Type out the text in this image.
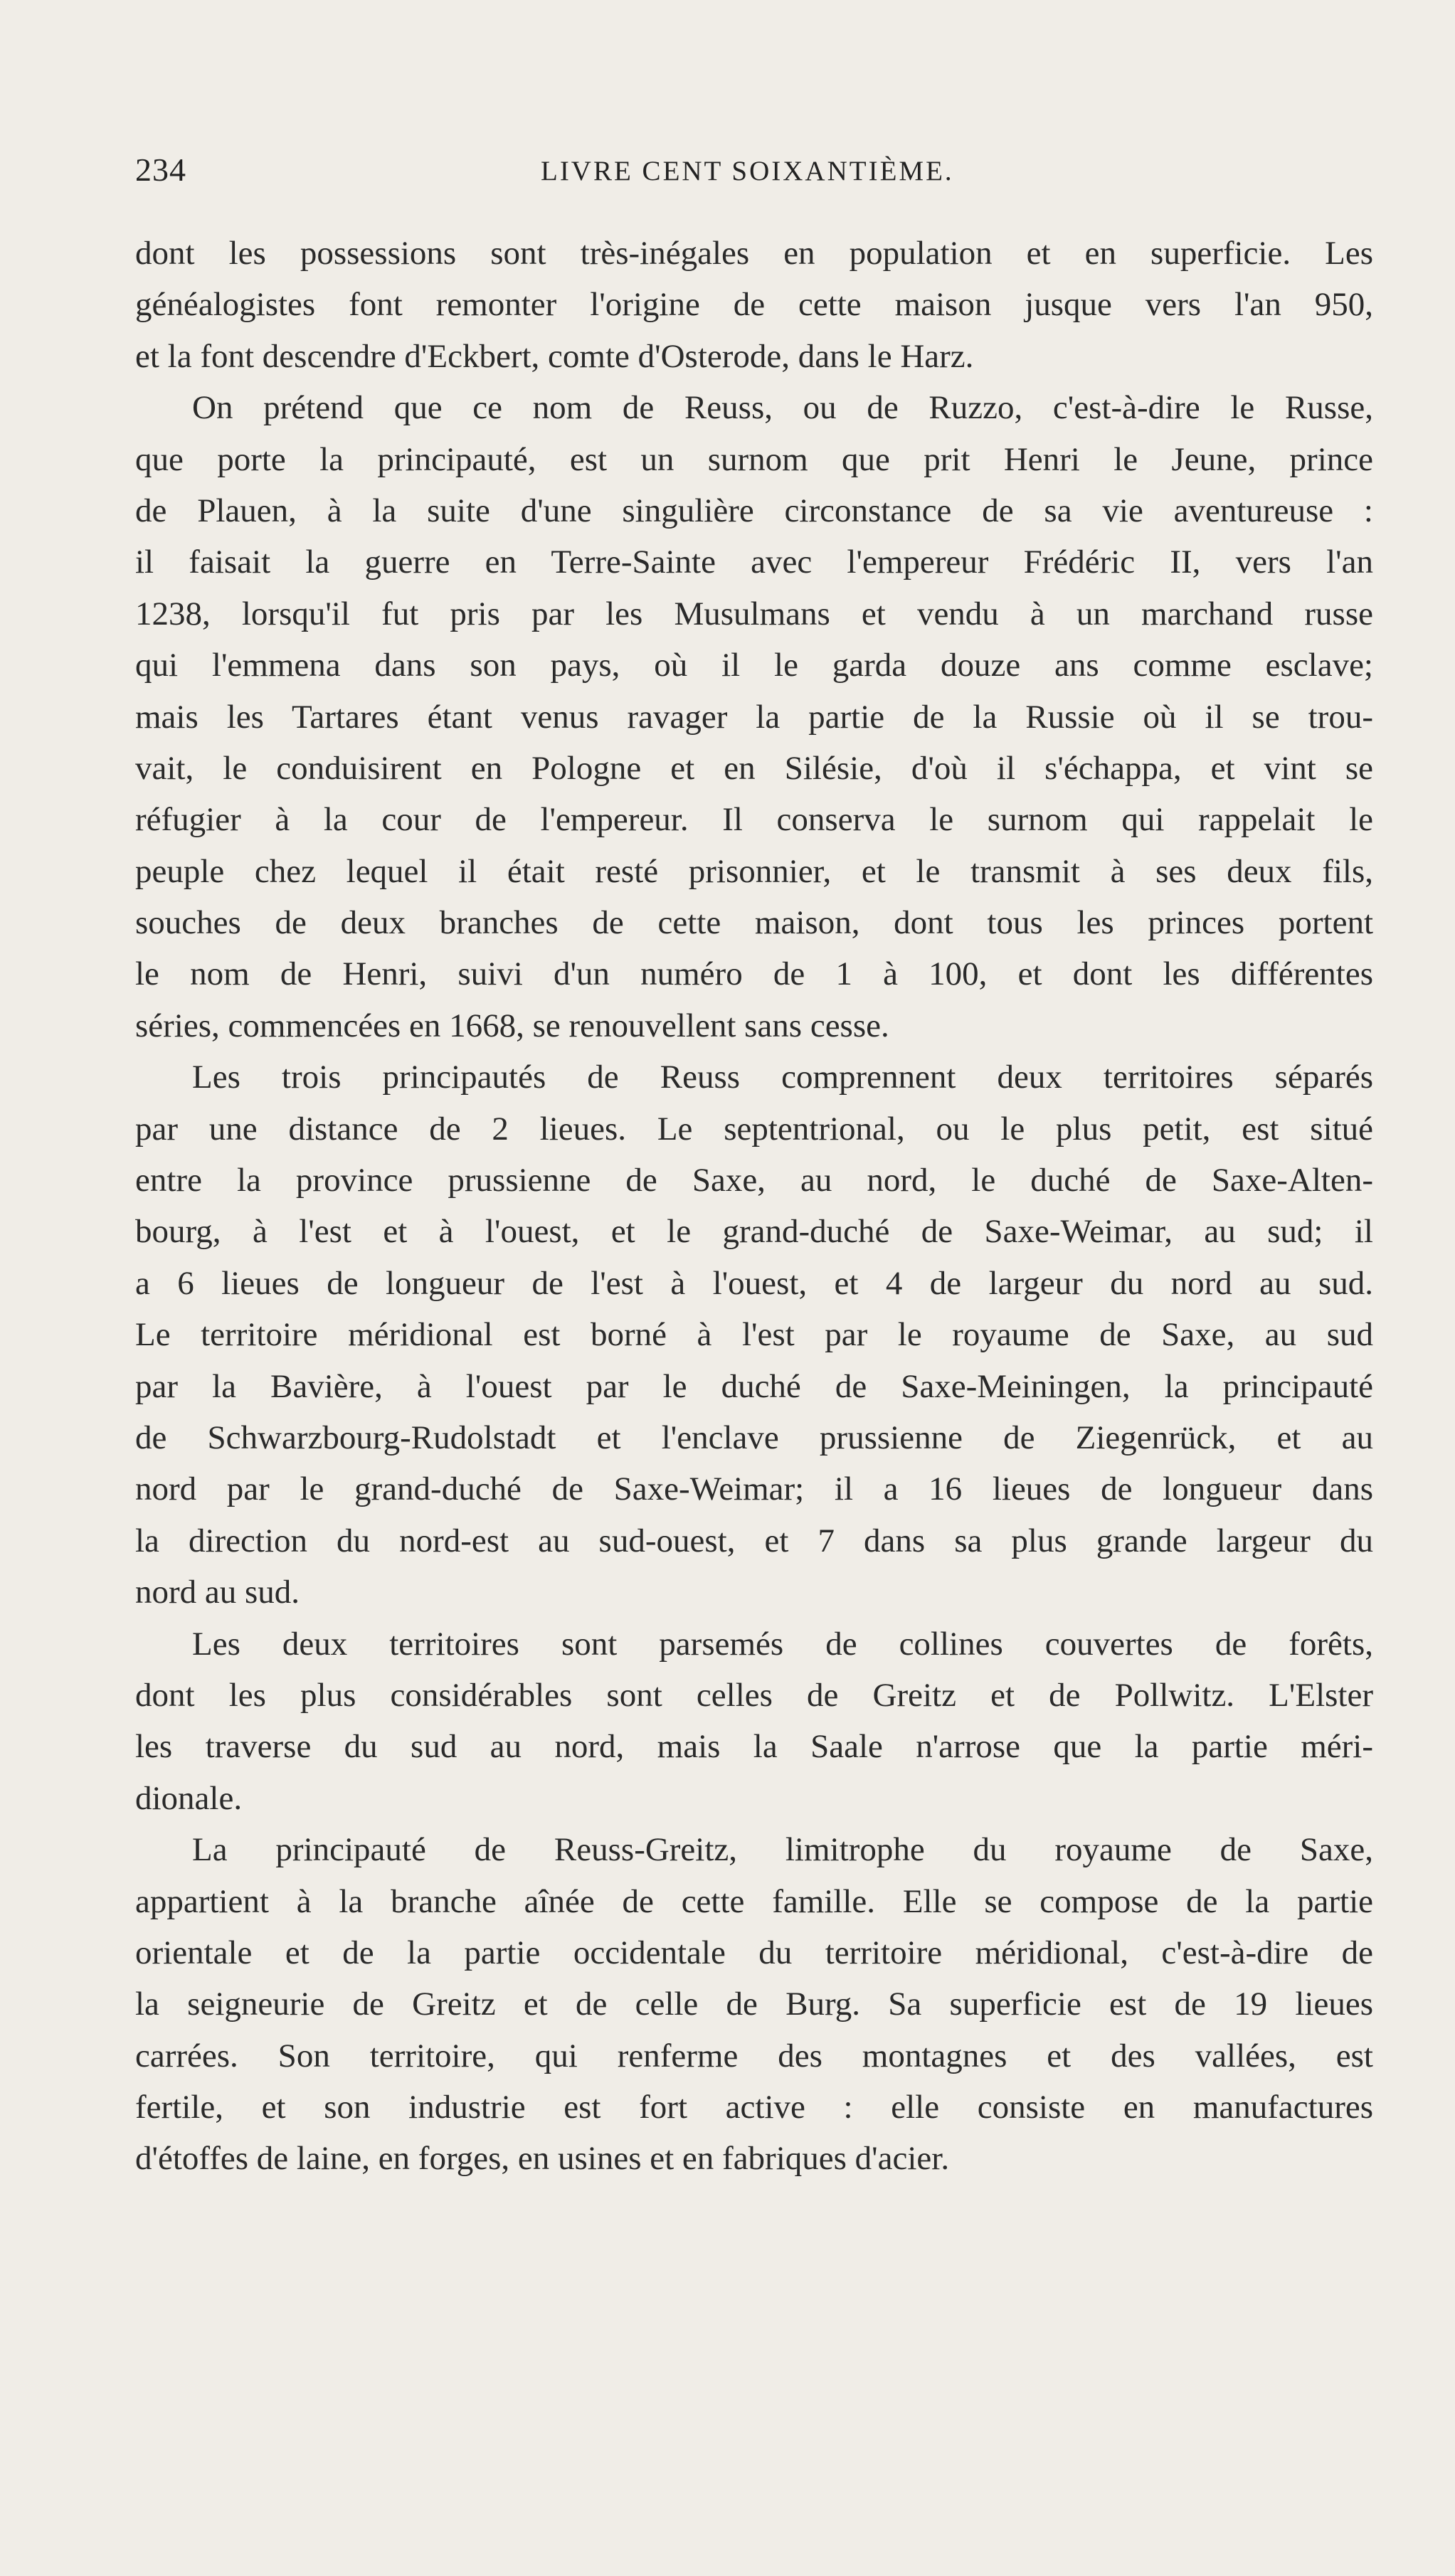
234	LIVRE CENT SOIXANTIÈME.
dont les possessions sont très-inégales en population et en superficie. Les
généalogistes font remonter l'origine de cette maison jusque vers l'an 950,
et la font descendre d'Eckbert, comte d'Osterode, dans le Harz.
On prétend que ce nom de Reuss, ou de Ruzzo, c'est-à-dire le Russe,
que porte la principauté, est un surnom que prit Henri le Jeune, prince
de Plauen, à la suite d'une singulière circonstance de sa vie aventureuse :
il faisait la guerre en Terre-Sainte avec l'empereur Frédéric II, vers l'an
1238, lorsqu'il fut pris par les Musulmans et vendu à un marchand russe
qui l'emmena dans son pays, où il le garda douze ans comme esclave;
mais les Tartares étant venus ravager la partie de la Russie où il se trou-
vait, le conduisirent en Pologne et en Silésie, d'où il s'échappa, et vint se
réfugier à la cour de l'empereur. Il conserva le surnom qui rappelait le
peuple chez lequel il était resté prisonnier, et le transmit à ses deux fils,
souches de deux branches de cette maison, dont tous les princes portent
le nom de Henri, suivi d'un numéro de 1 à 100, et dont les différentes
séries, commencées en 1668, se renouvellent sans cesse.
Les trois principautés de Reuss comprennent deux territoires séparés
par une distance de 2 lieues. Le septentrional, ou le plus petit, est situé
entre la province prussienne de Saxe, au nord, le duché de Saxe-Alten-
bourg, à l'est et à l'ouest, et le grand-duché de Saxe-Weimar, au sud; il
a 6 lieues de longueur de l'est à l'ouest, et 4 de largeur du nord au sud.
Le territoire méridional est borné à l'est par le royaume de Saxe, au sud
par la Bavière, à l'ouest par le duché de Saxe-Meiningen, la principauté
de Schwarzbourg-Rudolstadt et l'enclave prussienne de Ziegenrück, et au
nord par le grand-duché de Saxe-Weimar; il a 16 lieues de longueur dans
la direction du nord-est au sud-ouest, et 7 dans sa plus grande largeur du
nord au sud.
Les deux territoires sont parsemés de collines couvertes de forêts,
dont les plus considérables sont celles de Greitz et de Pollwitz. L'Elster
les traverse du sud au nord, mais la Saale n'arrose que la partie méri-
dionale.
La principauté de Reuss-Greitz, limitrophe du royaume de Saxe,
appartient à la branche aînée de cette famille. Elle se compose de la partie
orientale et de la partie occidentale du territoire méridional, c'est-à-dire de
la seigneurie de Greitz et de celle de Burg. Sa superficie est de 19 lieues
carrées. Son territoire, qui renferme des montagnes et des vallées, est
fertile, et son industrie est fort active : elle consiste en manufactures
d'étoffes de laine, en forges, en usines et en fabriques d'acier.
